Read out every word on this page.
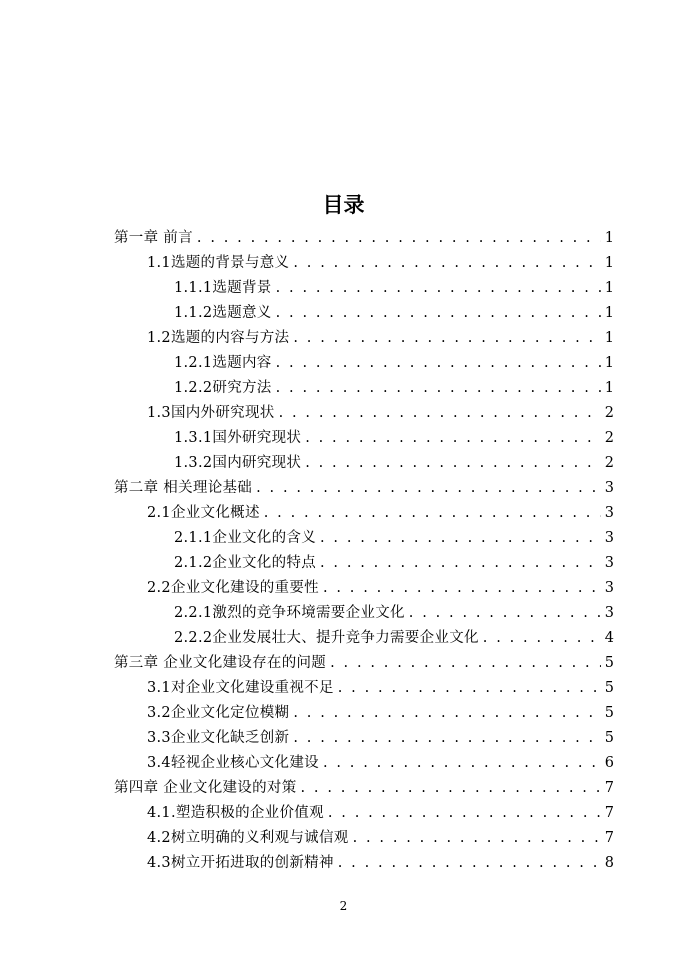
目录
第一章 前言 . . .	1
1.1选题的背景与意义 . . .	1
1.1.1选题背景 . . .	1
1.1.2选题意义 . . .	1
1.2选题的内容与方法 . . .	1
1.2.1选题内容 . . .	1
1.2.2研究方法 . . .	1
1.3国内外研究现状 . . .	2
1.3.1国外研究现状 . . .	2
1.3.2国内研究现状 . . .	2
第二章 相关理论基础 . . .	3
2.1企业文化概述 . . .	3
2.1.1企业文化的含义 . . .	3
2.1.2企业文化的特点 . . .	3
2.2企业文化建设的重要性 . . .	3
2.2.1激烈的竞争环境需要企业文化 . . .	3
2.2.2企业发展壮大、提升竞争力需要企业文化 . . .	4
第三章 企业文化建设存在的问题 . . .	5
3.1对企业文化建设重视不足 . . .	5
3.2企业文化定位模糊 . . .	5
3.3企业文化缺乏创新 . . .	5
3.4轻视企业核心文化建设 . . .	6
第四章 企业文化建设的对策 . . .	7
4.1.塑造积极的企业价值观 . . .	7
4.2树立明确的义利观与诚信观 . . .	7
4.3树立开拓进取的创新精神 . . .	8
2
